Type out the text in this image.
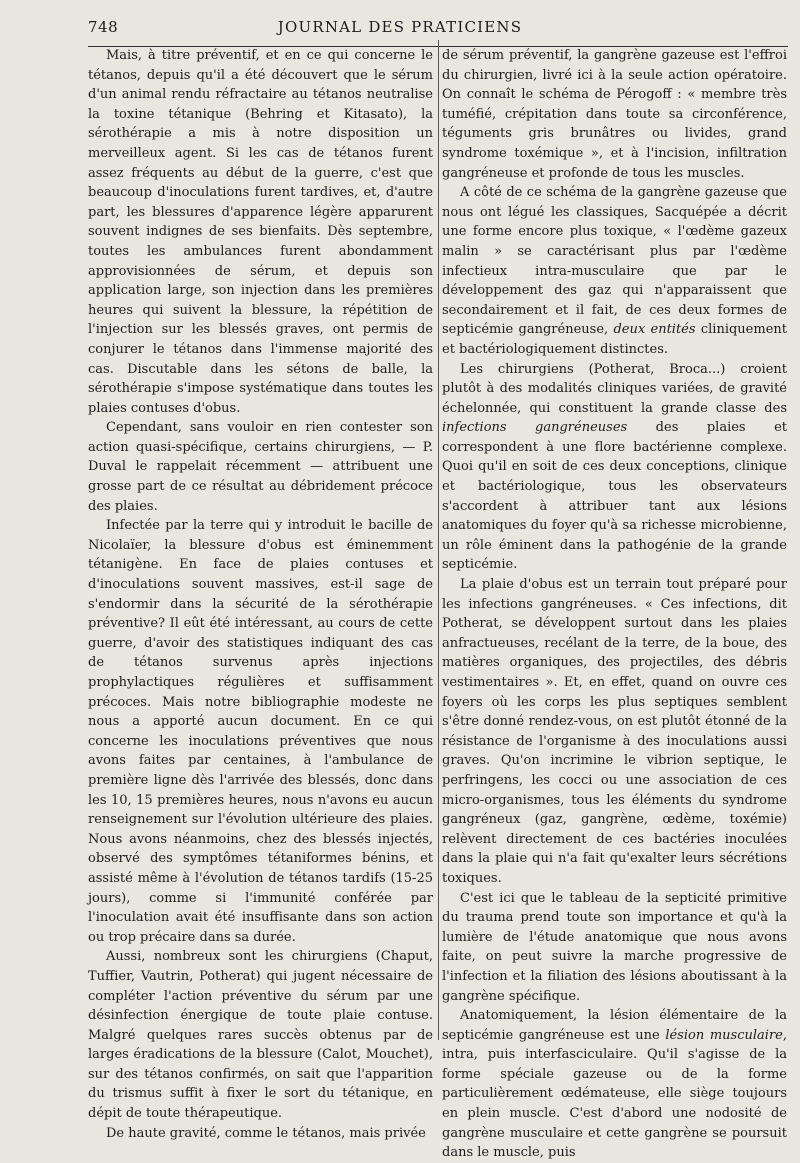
748	JOURNAL DES PRATICIENS

Mais, à titre préventif, et en ce qui concerne le tétanos, depuis qu'il a été découvert que le sérum d'un animal rendu réfractaire au tétanos neutralise la toxine tétanique (Behring et Kitasato), la sérothérapie a mis à notre disposition un merveilleux agent. Si les cas de tétanos furent assez fréquents au début de la guerre, c'est que beaucoup d'inoculations furent tardives, et, d'autre part, les blessures d'apparence légère apparurent souvent indignes de ses bienfaits. Dès septembre, toutes les ambulances furent abondamment approvisionnées de sérum, et depuis son application large, son injection dans les premières heures qui suivent la blessure, la répétition de l'injection sur les blessés graves, ont permis de conjurer le tétanos dans l'immense majorité des cas. Discutable dans les sétons de balle, la sérothérapie s'impose systématique dans toutes les plaies contuses d'obus.

Cependant, sans vouloir en rien contester son action quasi-spécifique, certains chirurgiens, — P. Duval le rappelait récemment — attribuent une grosse part de ce résultat au débridement précoce des plaies.

Infectée par la terre qui y introduit le bacille de Nicolaïer, la blessure d'obus est éminemment tétanigène. En face de plaies contuses et d'inoculations souvent massives, est-il sage de s'endormir dans la sécurité de la sérothérapie préventive? Il eût été intéressant, au cours de cette guerre, d'avoir des statistiques indiquant des cas de tétanos survenus après injections prophylactiques régulières et suffisamment précoces. Mais notre bibliographie modeste ne nous a apporté aucun document. En ce qui concerne les inoculations préventives que nous avons faites par centaines, à l'ambulance de première ligne dès l'arrivée des blessés, donc dans les 10, 15 premières heures, nous n'avons eu aucun renseignement sur l'évolution ultérieure des plaies. Nous avons néanmoins, chez des blessés injectés, observé des symptômes tétaniformes bénins, et assisté même à l'évolution de tétanos tardifs (15-25 jours), comme si l'immunité conférée par l'inoculation avait été insuffisante dans son action ou trop précaire dans sa durée.

Aussi, nombreux sont les chirurgiens (Chaput, Tuffier, Vautrin, Potherat) qui jugent nécessaire de compléter l'action préventive du sérum par une désinfection énergique de toute plaie contuse. Malgré quelques rares succès obtenus par de larges éradications de la blessure (Calot, Mouchet), sur des tétanos confirmés, on sait que l'apparition du trismus suffit à fixer le sort du tétanique, en dépit de toute thérapeutique.

De haute gravité, comme le tétanos, mais privée

de sérum préventif, la gangrène gazeuse est l'effroi du chirurgien, livré ici à la seule action opératoire. On connaît le schéma de Pérogoff : « membre très tuméfié, crépitation dans toute sa circonférence, téguments gris brunâtres ou livides, grand syndrome toxémique », et à l'incision, infiltration gangréneuse et profonde de tous les muscles.

A côté de ce schéma de la gangrène gazeuse que nous ont légué les classiques, Sacquépée a décrit une forme encore plus toxique, « l'œdème gazeux malin » se caractérisant plus par l'œdème infectieux intra-musculaire que par le développement des gaz qui n'apparaissent que secondairement et il fait, de ces deux formes de septicémie gangréneuse, deux entités cliniquement et bactériologiquement distinctes.

Les chirurgiens (Potherat, Broca...) croient plutôt à des modalités cliniques variées, de gravité échelonnée, qui constituent la grande classe des infections gangréneuses des plaies et correspondent à une flore bactérienne complexe. Quoi qu'il en soit de ces deux conceptions, clinique et bactériologique, tous les observateurs s'accordent à attribuer tant aux lésions anatomiques du foyer qu'à sa richesse microbienne, un rôle éminent dans la pathogénie de la grande septicémie.

La plaie d'obus est un terrain tout préparé pour les infections gangréneuses. « Ces infections, dit Potherat, se développent surtout dans les plaies anfractueuses, recélant de la terre, de la boue, des matières organiques, des projectiles, des débris vestimentaires ». Et, en effet, quand on ouvre ces foyers où les corps les plus septiques semblent s'être donné rendez-vous, on est plutôt étonné de la résistance de l'organisme à des inoculations aussi graves. Qu'on incrimine le vibrion septique, le perfringens, les cocci ou une association de ces micro-organismes, tous les éléments du syndrome gangréneux (gaz, gangrène, œdème, toxémie) relèvent directement de ces bactéries inoculées dans la plaie qui n'a fait qu'exalter leurs sécrétions toxiques.

C'est ici que le tableau de la septicité primitive du trauma prend toute son importance et qu'à la lumière de l'étude anatomique que nous avons faite, on peut suivre la marche progressive de l'infection et la filiation des lésions aboutissant à la gangrène spécifique.

Anatomiquement, la lésion élémentaire de la septicémie gangréneuse est une lésion musculaire, intra, puis interfasciculaire. Qu'il s'agisse de la forme spéciale gazeuse ou de la forme particulièrement œdémateuse, elle siège toujours en plein muscle. C'est d'abord une nodosité de gangrène musculaire et cette gangrène se poursuit dans le muscle, puis
